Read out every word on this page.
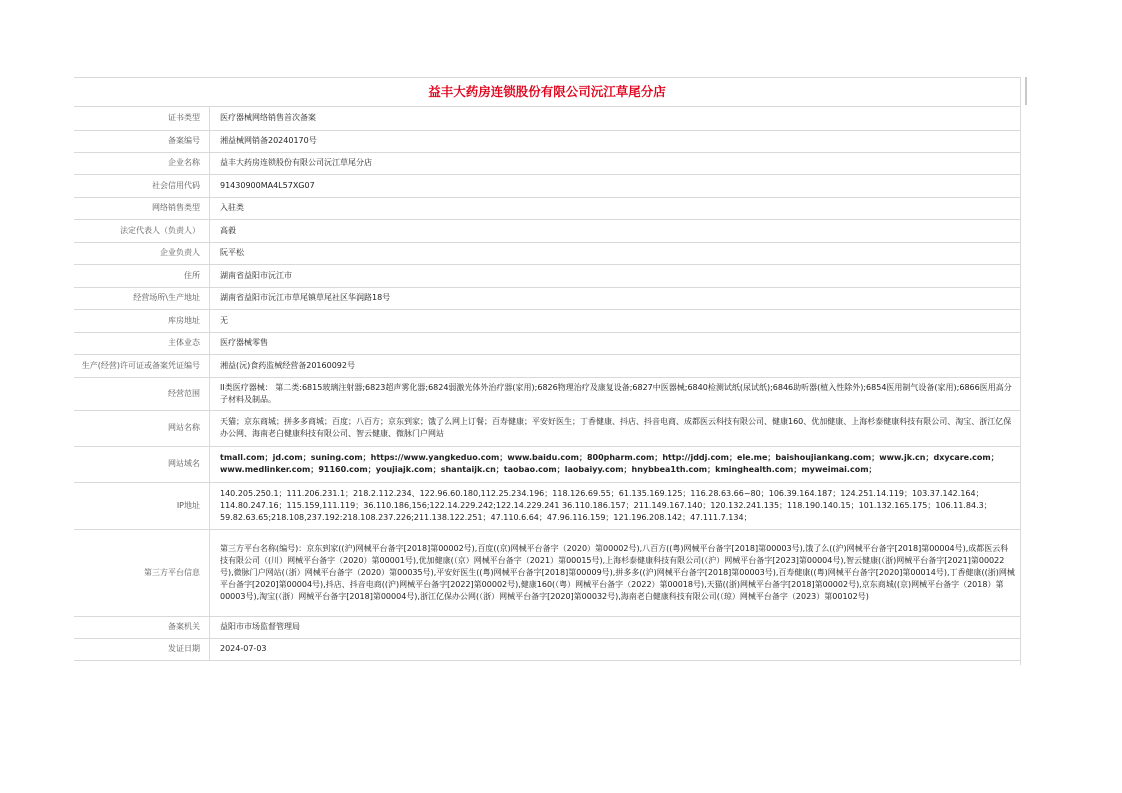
益丰大药房连锁股份有限公司沅江草尾分店
证书类型	医疗器械网络销售首次备案
备案编号	湘益械网销备20240170号
企业名称	益丰大药房连锁股份有限公司沅江草尾分店
社会信用代码	91430900MA4L57XG07
网络销售类型	入驻类
法定代表人（负责人）	高毅
企业负责人	阮平松
住所	湖南省益阳市沅江市
经营场所\生产地址	湖南省益阳市沅江市草尾镇草尾社区华润路18号
库房地址	无
主体业态	医疗器械零售
生产(经营)许可证或备案凭证编号	湘益(沅)食药监械经营备20160092号
经营范围	II类医疗器械： 第二类:6815玻璃注射器;6823超声雾化器;6824弱激光体外治疗器(家用);6826物理治疗及康复设备;6827中医器械;6840检测试纸(尿试纸);6846助听器(植入性除外);6854医用制气设备(家用);6866医用高分子材料及制品。
网站名称	天猫；京东商城；拼多多商城；百度；八百方；京东到家；饿了么网上订餐；百寿健康；平安好医生；丁香健康、抖店、抖音电商、成都医云科技有限公司、健康160、优加健康、上海杉泰健康科技有限公司、淘宝、浙江亿保办公网、海南老白健康科技有限公司、智云健康、微脉门户网站
网站域名	tmall.com；jd.com；suning.com；https://www.yangkeduo.com；www.baidu.com；800pharm.com；http://jddj.com；ele.me；baishoujiankang.com；www.jk.cn；dxycare.com；www.medlinker.com；91160.com；youjiajk.com；shantaijk.cn；taobao.com；laobaiyy.com；hnybbea1th.com；kminghealth.com；myweimai.com；
IP地址	140.205.250.1；111.206.231.1；218.2.112.234、122.96.60.180,112.25.234.196；118.126.69.55；61.135.169.125；116.28.63.66~80；106.39.164.187；124.251.14.119；103.37.142.164；114.80.247.16；115.159,111.119；36.110.186,156;122.14.229.242;122.14.229.241 36.110.186.157；211.149.167.140；120.132.241.135；118.190.140.15；101.132.165.175；106.11.84.3；59.82.63.65;218.108,237.192:218.108.237.226;211.138.122.251；47.110.6.64；47.96.116.159；121.196.208.142；47.111.7.134；
第三方平台信息	第三方平台名称(编号)：京东到家((沪)网械平台备字[2018]第00002号),百度((京)网械平台备字（2020）第00002号),八百方((粤)网械平台备字[2018]第00003号),饿了么((沪)网械平台备字[2018]第00004号),成都医云科技有限公司（(川）网械平台备字（2020）第00001号),优加健康(（京）网械平台备字（2021）第00015号),上海杉泰健康科技有限公司(（沪）网械平台备字[2023]第00004号),智云健康(（浙)网械平台备字[2021]第00022号),微脉门户网站(（浙）网械平台备字（2020）第00035号),平安好医生((粤)网械平台备字[2018]第00009号),拼多多((沪)网械平台备字[2018]第00003号),百寿健康((粤)网械平台备字[2020]第00014号),丁香健康((浙)网械平台备字[2020]第00004号),抖店、抖音电商((沪)网械平台备字[2022]第00002号),健康160(（粤）网械平台备字（2022）第00018号),天猫((浙)网械平台备字[2018]第00002号),京东商城((京)网械平台备字（2018）第00003号),淘宝(（浙）网械平台备字[2018]第00004号),浙江亿保办公网(（浙）网械平台备字[2020]第00032号),海南老白健康科技有限公司(（琼）网械平台备字（2023）第00102号)
备案机关	益阳市市场监督管理局
发证日期	2024-07-03
